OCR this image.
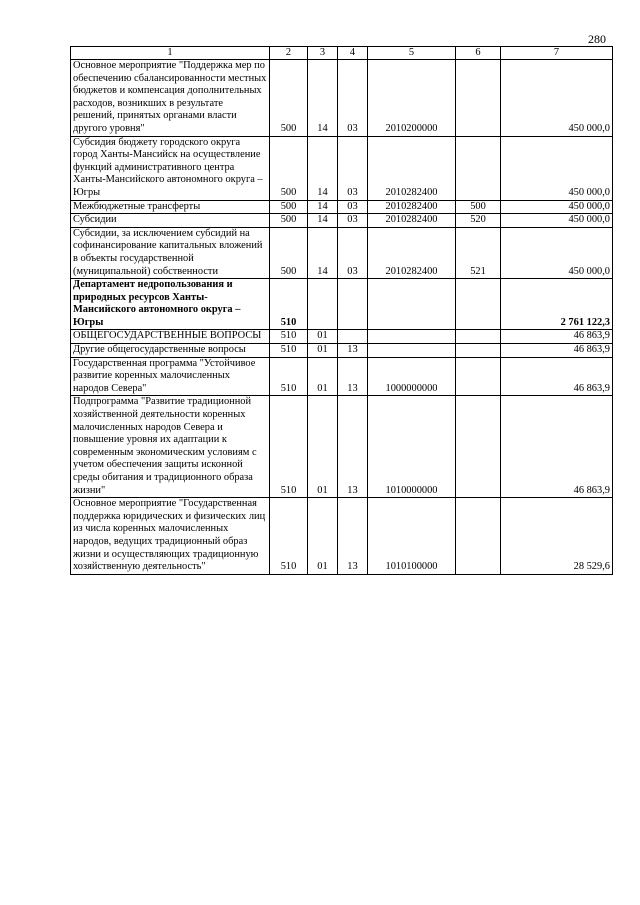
280
1	2	3	4	5	6	7
Основное мероприятие "Поддержка мер по обеспечению сбалансированности местных бюджетов и компенсация дополнительных расходов, возникших в результате решений, принятых органами власти другого уровня"	500	14	03	2010200000		450 000,0
Субсидия бюджету городского округа город Ханты-Мансийск на осуществление функций административного центра Ханты-Мансийского автономного округа – Югры	500	14	03	2010282400		450 000,0
Межбюджетные трансферты	500	14	03	2010282400	500	450 000,0
Субсидии	500	14	03	2010282400	520	450 000,0
Субсидии, за исключением субсидий на софинансирование капитальных вложений в объекты государственной (муниципальной) собственности	500	14	03	2010282400	521	450 000,0
Департамент недропользования и природных ресурсов Ханты-Мансийского автономного округа – Югры	510					2 761 122,3
ОБЩЕГОСУДАРСТВЕННЫЕ ВОПРОСЫ	510	01				46 863,9
Другие общегосударственные вопросы	510	01	13			46 863,9
Государственная программа "Устойчивое развитие коренных малочисленных народов Севера"	510	01	13	1000000000		46 863,9
Подпрограмма "Развитие традиционной хозяйственной деятельности коренных малочисленных народов Севера и повышение уровня их адаптации к современным экономическим условиям с учетом обеспечения защиты исконной среды обитания и традиционного образа жизни"	510	01	13	1010000000		46 863,9
Основное мероприятие "Государственная поддержка юридических и физических лиц из числа коренных малочисленных народов, ведущих традиционный образ жизни и осуществляющих традиционную хозяйственную деятельность"	510	01	13	1010100000		28 529,6
